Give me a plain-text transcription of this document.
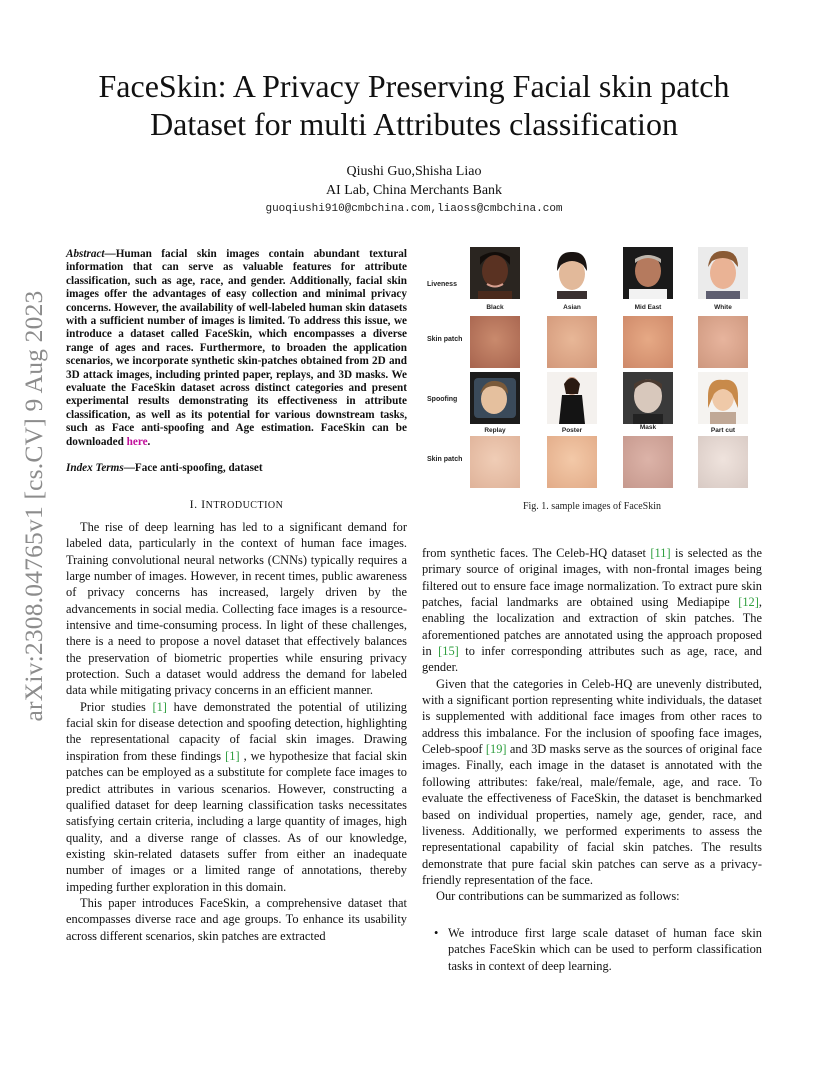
arXiv:2308.04765v1 [cs.CV] 9 Aug 2023
FaceSkin: A Privacy Preserving Facial skin patch Dataset for multi Attributes classification
Qiushi Guo,Shisha Liao
AI Lab, China Merchants Bank
guoqiushi910@cmbchina.com,liaoss@cmbchina.com
Abstract—Human facial skin images contain abundant textural information that can serve as valuable features for attribute classification, such as age, race, and gender. Additionally, facial skin images offer the advantages of easy collection and minimal privacy concerns. However, the availability of well-labeled human skin datasets with a sufficient number of images is limited. To address this issue, we introduce a dataset called FaceSkin, which encompasses a diverse range of ages and races. Furthermore, to broaden the application scenarios, we incorporate synthetic skin-patches obtained from 2D and 3D attack images, including printed paper, replays, and 3D masks. We evaluate the FaceSkin dataset across distinct categories and present experimental results demonstrating its effectiveness in attribute classification, as well as its potential for various downstream tasks, such as Face anti-spoofing and Age estimation. FaceSkin can be downloaded here.
Index Terms—Face anti-spoofing, dataset
I. INTRODUCTION

The rise of deep learning has led to a significant demand for labeled data, particularly in the context of human face images. Training convolutional neural networks (CNNs) typically requires a large number of images. However, in recent times, public awareness of privacy concerns has increased, largely driven by the advancements in social media. Collecting face images is a resource-intensive and time-consuming process. In light of these challenges, there is a need to propose a novel dataset that effectively balances the preservation of biometric properties while ensuring privacy protection. Such a dataset would address the demand for labeled data while mitigating privacy concerns in an efficient manner.

Prior studies [1] have demonstrated the potential of utilizing facial skin for disease detection and spoofing detection, highlighting the representational capacity of facial skin images. Drawing inspiration from these findings [1] , we hypothesize that facial skin patches can be employed as a substitute for complete face images to predict attributes in various scenarios. However, constructing a qualified dataset for deep learning classification tasks necessitates satisfying certain criteria, including a large quantity of images, high quality, and a diverse range of classes. As of our knowledge, existing skin-related datasets suffer from either an inadequate number of images or a limited range of annotations, thereby impeding further exploration in this domain.

This paper introduces FaceSkin, a comprehensive dataset that encompasses diverse race and age groups. To enhance its usability across different scenarios, skin patches are extracted

Liveness
Skin patch
Spoofing
Skin patch
Black	Asian	Mid East	White
Replay	Poster	Mask	Part cut
Fig. 1. sample images of FaceSkin

from synthetic faces. The Celeb-HQ dataset [11] is selected as the primary source of original images, with non-frontal images being filtered out to ensure face image normalization. To extract pure skin patches, facial landmarks are obtained using Mediapipe [12], enabling the localization and extraction of skin patches. The aforementioned patches are annotated using the approach proposed in [15] to infer corresponding attributes such as age, race, and gender.

Given that the categories in Celeb-HQ are unevenly distributed, with a significant portion representing white individuals, the dataset is supplemented with additional face images from other races to address this imbalance. For the inclusion of spoofing face images, Celeb-spoof [19] and 3D masks serve as the sources of original face images. Finally, each image in the dataset is annotated with the following attributes: fake/real, male/female, age, and race. To evaluate the effectiveness of FaceSkin, the dataset is benchmarked based on individual properties, namely age, gender, race, and liveness. Additionally, we performed experiments to assess the representational capability of facial skin patches. The results demonstrate that pure facial skin patches can serve as a privacy-friendly representation of the face.

Our contributions can be summarized as follows:

• We introduce first large scale dataset of human face skin patches FaceSkin which can be used to perform classification tasks in context of deep learning.
